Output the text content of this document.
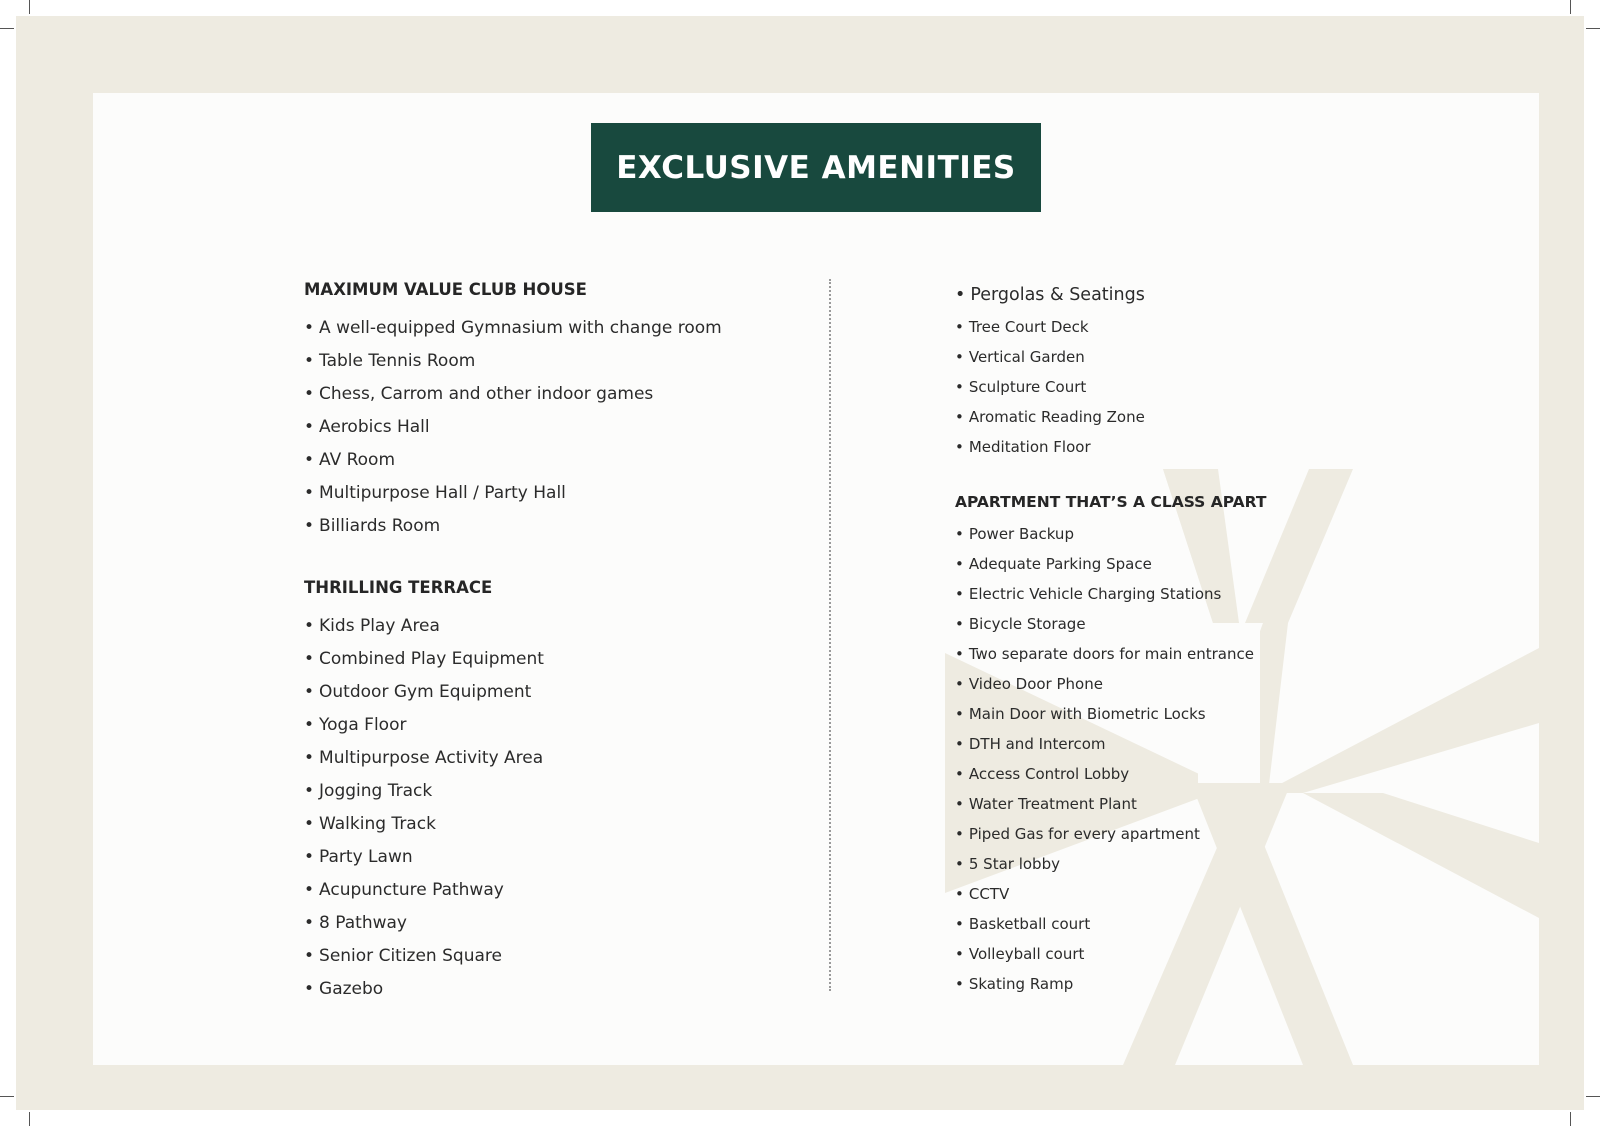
EXCLUSIVE AMENITIES
MAXIMUM VALUE CLUB HOUSE
• A well-equipped Gymnasium with change room
• Table Tennis Room
• Chess, Carrom and other indoor games
• Aerobics Hall
• AV Room
• Multipurpose Hall / Party Hall
• Billiards Room
THRILLING TERRACE
• Kids Play Area
• Combined Play Equipment
• Outdoor Gym Equipment
• Yoga Floor
• Multipurpose Activity Area
• Jogging Track
• Walking Track
• Party Lawn
• Acupuncture Pathway
• 8 Pathway
• Senior Citizen Square
• Gazebo
• Pergolas & Seatings
• Tree Court Deck
• Vertical Garden
• Sculpture Court
• Aromatic Reading Zone
• Meditation Floor
APARTMENT THAT’S A CLASS APART
• Power Backup
• Adequate Parking Space
• Electric Vehicle Charging Stations
• Bicycle Storage
• Two separate doors for main entrance
• Video Door Phone
• Main Door with Biometric Locks
• DTH and Intercom
• Access Control Lobby
• Water Treatment Plant
• Piped Gas for every apartment
• 5 Star lobby
• CCTV
• Basketball court
• Volleyball court
• Skating Ramp
